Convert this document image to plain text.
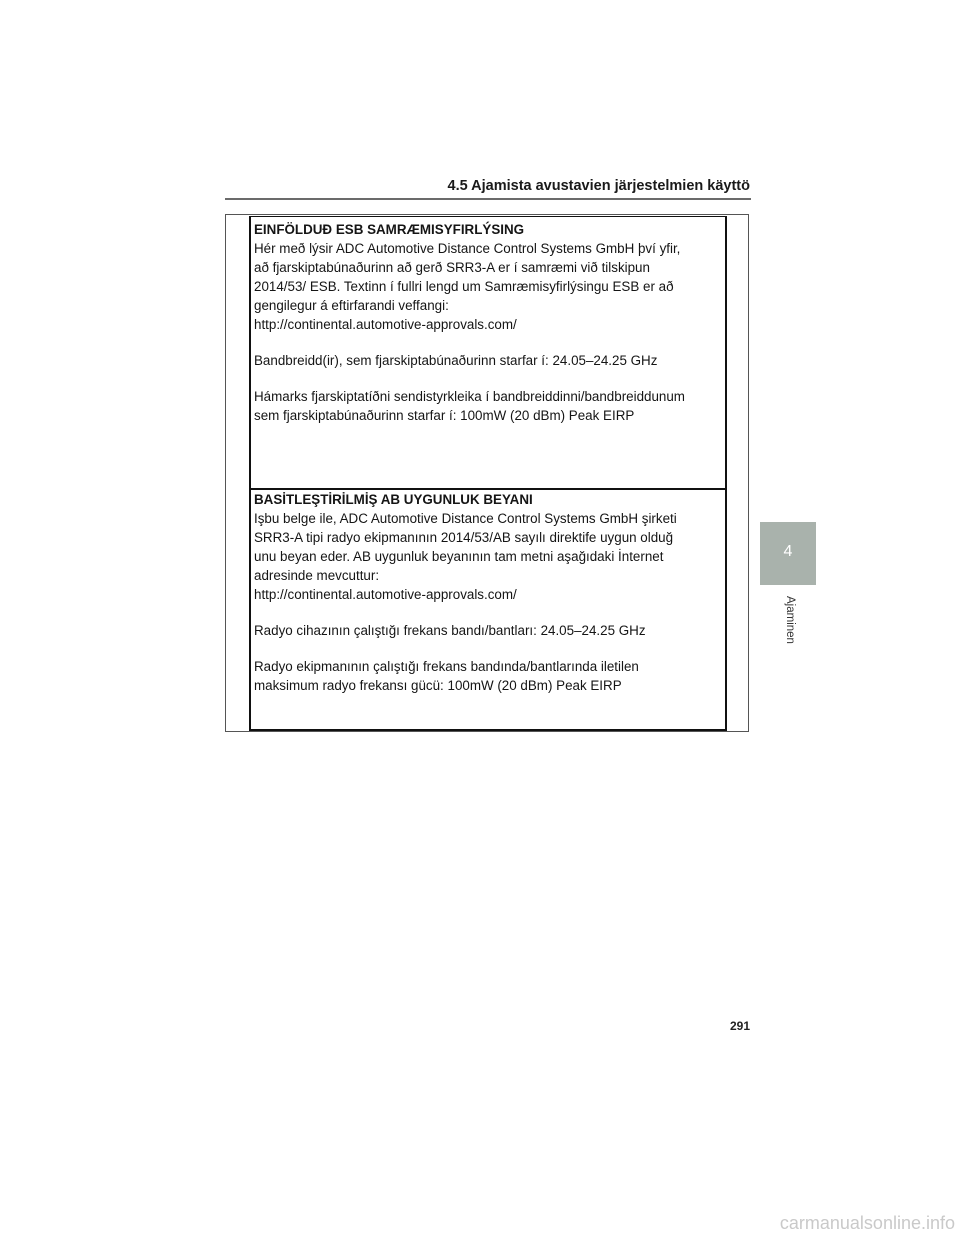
4.5 Ajamista avustavien järjestelmien käyttö

EINFÖLDUÐ ESB SAMRÆMISYFIRLÝSING

Hér með lýsir ADC Automotive Distance Control Systems GmbH því yfir,

að fjarskiptabúnaðurinn að gerð SRR3-A er í samræmi við tilskipun

2014/53/ ESB. Textinn í fullri lengd um Samræmisyfirlýsingu ESB er að

gengilegur á eftirfarandi veffangi:

http://continental.automotive-approvals.com/

Bandbreidd(ir), sem fjarskiptabúnaðurinn starfar í: 24.05–24.25 GHz

Hámarks fjarskiptatíðni sendistyrkleika í bandbreiddinni/bandbreiddunum

sem fjarskiptabúnaðurinn starfar í: 100mW (20 dBm) Peak EIRP

BASİTLEŞTİRİLMİŞ AB UYGUNLUK BEYANI

Işbu belge ile, ADC Automotive Distance Control Systems GmbH şirketi

SRR3-A tipi radyo ekipmanının 2014/53/AB sayılı direktife uygun olduğ

unu beyan eder. AB uygunluk beyanının tam metni aşağıdaki İnternet

adresinde mevcuttur:

http://continental.automotive-approvals.com/

Radyo cihazının çalıştığı frekans bandı/bantları: 24.05–24.25 GHz

Radyo ekipmanının çalıştığı frekans bandında/bantlarında iletilen

maksimum radyo frekansı gücü: 100mW (20 dBm) Peak EIRP

4
Ajaminen
291
carmanualsonline.info
